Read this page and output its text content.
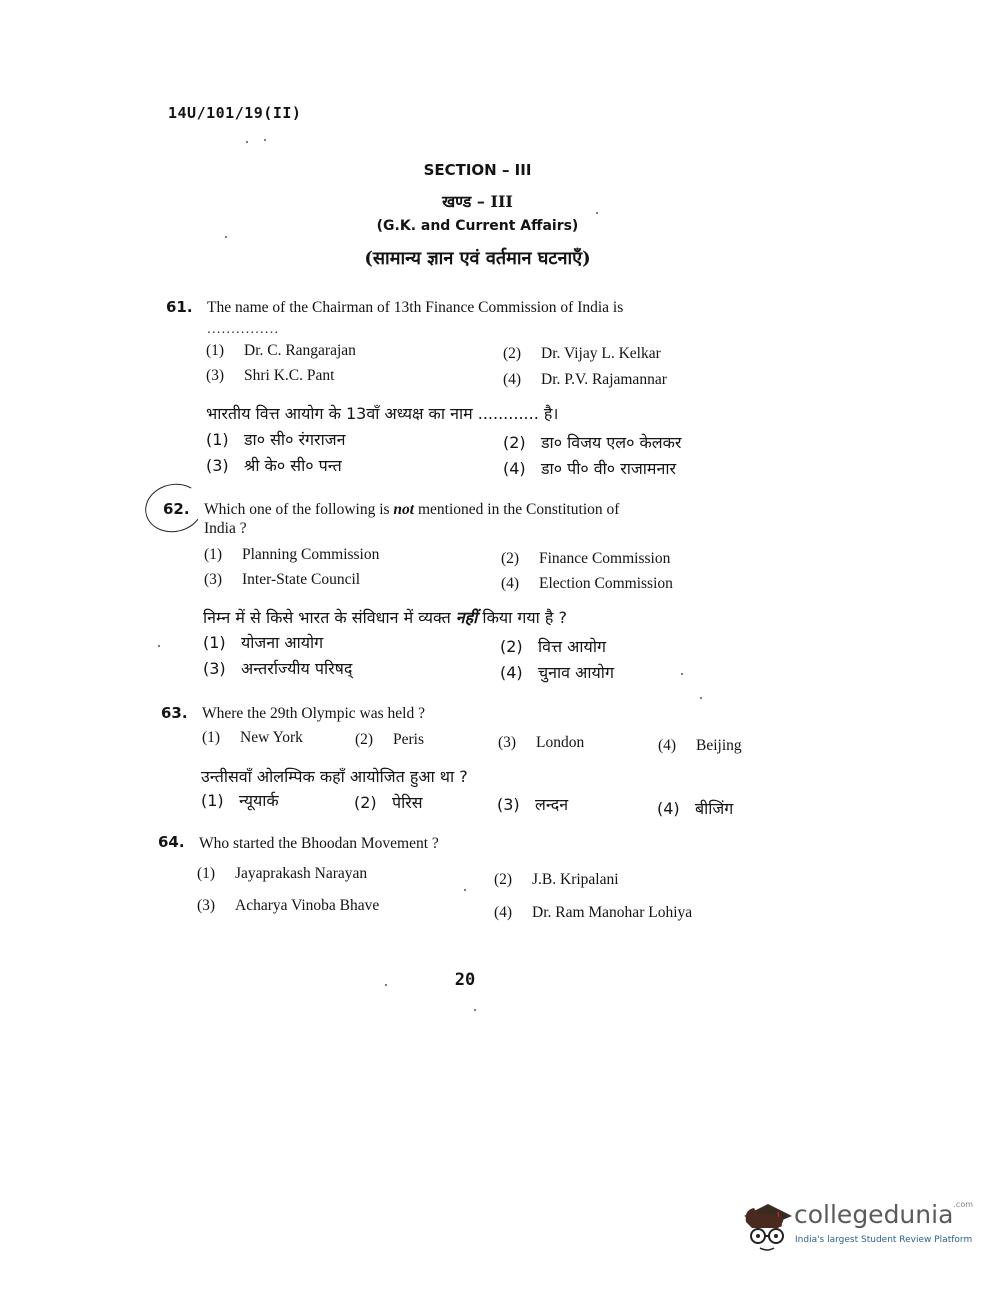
14U/101/19(II)
SECTION – III
खण्ड – III
(G.K. and Current Affairs)
(सामान्य ज्ञान एवं वर्तमान घटनाएँ)
61. The name of the Chairman of 13th Finance Commission of India is
...............
(1) Dr. C. Rangarajan	(2) Dr. Vijay L. Kelkar
(3) Shri K.C. Pant	(4) Dr. P.V. Rajamannar
भारतीय वित्त आयोग के 13वाँ अध्यक्ष का नाम ............ है।
(1) डा० सी० रंगराजन	(2) डा० विजय एल० केलकर
(3) श्री के० सी० पन्त	(4) डा० पी० वी० राजामनार
62. Which one of the following is not mentioned in the Constitution of
India ?
(1) Planning Commission	(2) Finance Commission
(3) Inter-State Council	(4) Election Commission
निम्न में से किसे भारत के संविधान में व्यक्त नहीं किया गया है ?
(1) योजना आयोग	(2) वित्त आयोग
(3) अन्तर्राज्यीय परिषद्	(4) चुनाव आयोग
63. Where the 29th Olympic was held ?
(1) New York	(2) Peris	(3) London	(4) Beijing
उन्तीसवाँ ओलम्पिक कहाँ आयोजित हुआ था ?
(1) न्यूयार्क	(2) पेरिस	(3) लन्दन	(4) बीजिंग
64. Who started the Bhoodan Movement ?
(1) Jayaprakash Narayan	(2) J.B. Kripalani
(3) Acharya Vinoba Bhave	(4) Dr. Ram Manohar Lohiya
20
collegedunia$^{.com}$
India's largest Student Review Platform
